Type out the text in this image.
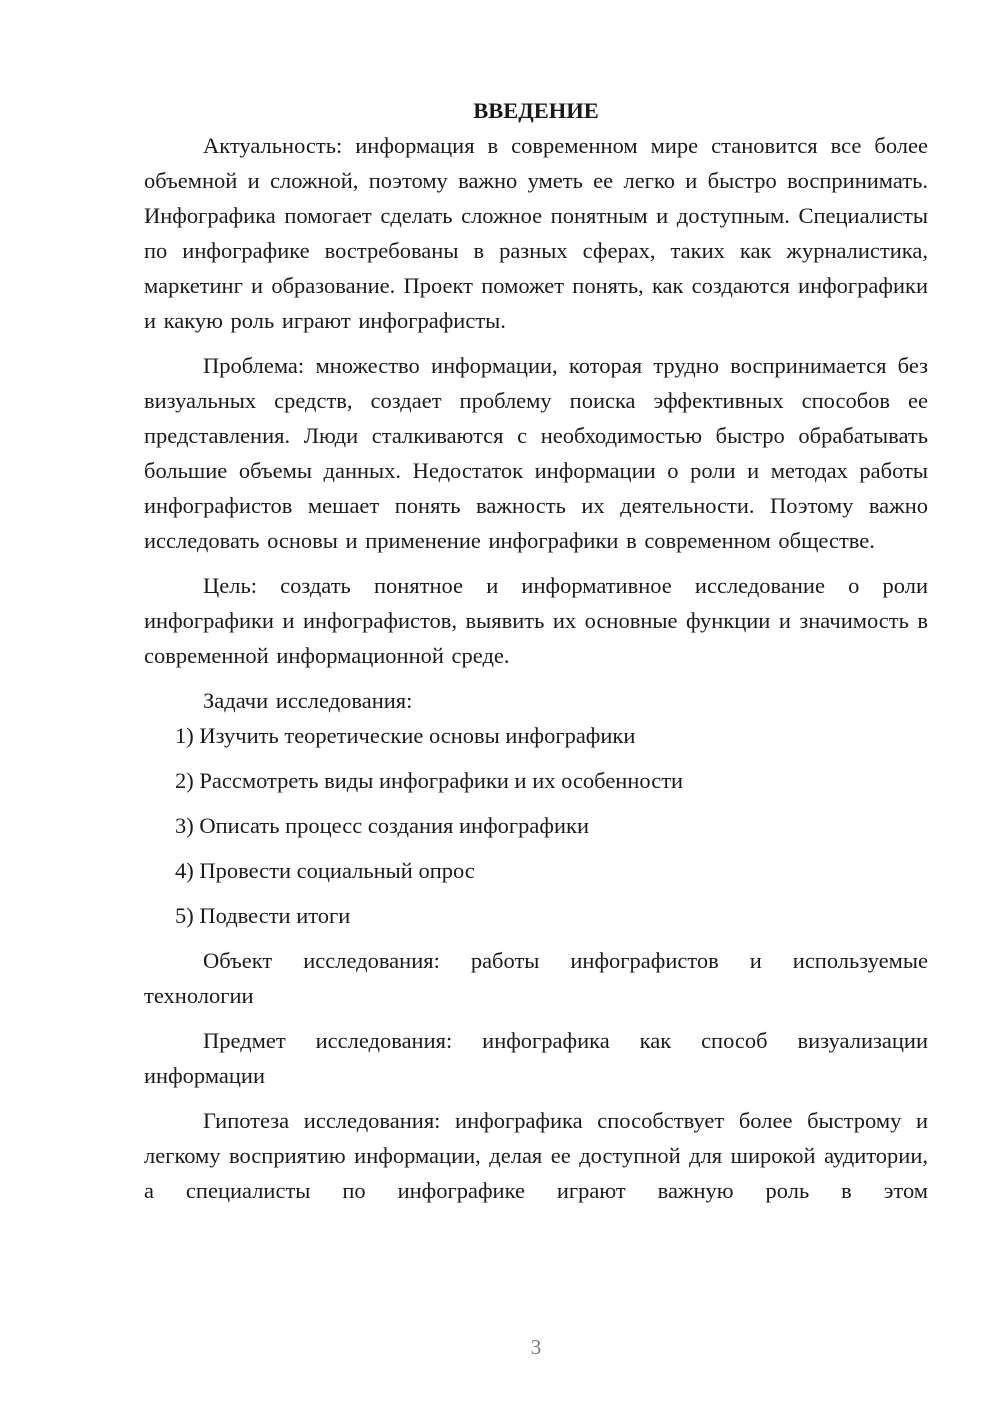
ВВЕДЕНИЕ

Актуальность: информация в современном мире становится все более объемной и сложной, поэтому важно уметь ее легко и быстро воспринимать. Инфографика помогает сделать сложное понятным и доступным. Специалисты по инфографике востребованы в разных сферах, таких как журналистика, маркетинг и образование. Проект поможет понять, как создаются инфографики и какую роль играют инфографисты.

Проблема: множество информации, которая трудно воспринимается без визуальных средств, создает проблему поиска эффективных способов ее представления. Люди сталкиваются с необходимостью быстро обрабатывать большие объемы данных. Недостаток информации о роли и методах работы инфографистов мешает понять важность их деятельности. Поэтому важно исследовать основы и применение инфографики в современном обществе.

Цель: создать понятное и информативное исследование о роли инфографики и инфографистов, выявить их основные функции и значимость в современной информационной среде.

Задачи исследования:

1) Изучить теоретические основы инфографики
2) Рассмотреть виды инфографики и их особенности
3) Описать процесс создания инфографики
4) Провести социальный опрос
5) Подвести итоги

Объект исследования: работы инфографистов и используемые технологии

Предмет исследования: инфографика как способ визуализации информации

Гипотеза исследования: инфографика способствует более быстрому и легкому восприятию информации, делая ее доступной для широкой аудитории, а специалисты по инфографике играют важную роль в этом

3
